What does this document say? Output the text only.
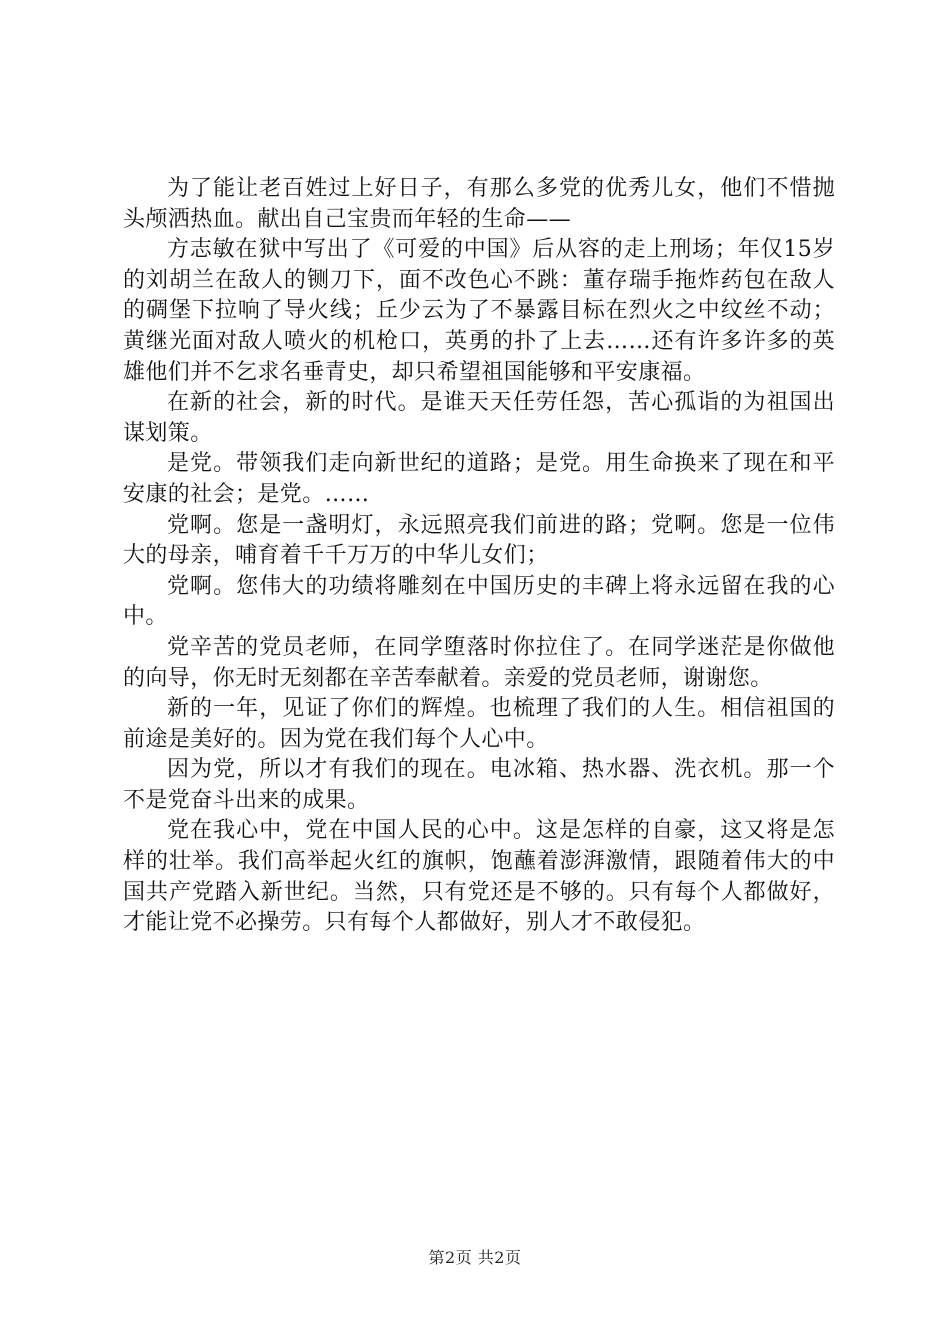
为了能让老百姓过上好日子，有那么多党的优秀儿女，他们不惜抛头颅洒热血。献出自己宝贵而年轻的生命——

方志敏在狱中写出了《可爱的中国》后从容的走上刑场；年仅15岁的刘胡兰在敌人的铡刀下，面不改色心不跳：董存瑞手拖炸药包在敌人的碉堡下拉响了导火线；丘少云为了不暴露目标在烈火之中纹丝不动；黄继光面对敌人喷火的机枪口，英勇的扑了上去……还有许多许多的英雄他们并不乞求名垂青史，却只希望祖国能够和平安康福。

在新的社会，新的时代。是谁天天任劳任怨，苦心孤诣的为祖国出谋划策。

是党。带领我们走向新世纪的道路；是党。用生命换来了现在和平安康的社会；是党。……

党啊。您是一盏明灯，永远照亮我们前进的路；党啊。您是一位伟大的母亲，哺育着千千万万的中华儿女们；

党啊。您伟大的功绩将雕刻在中国历史的丰碑上将永远留在我的心中。

党辛苦的党员老师，在同学堕落时你拉住了。在同学迷茫是你做他的向导，你无时无刻都在辛苦奉献着。亲爱的党员老师，谢谢您。

新的一年，见证了你们的辉煌。也梳理了我们的人生。相信祖国的前途是美好的。因为党在我们每个人心中。

因为党，所以才有我们的现在。电冰箱、热水器、洗衣机。那一个不是党奋斗出来的成果。

党在我心中，党在中国人民的心中。这是怎样的自豪，这又将是怎样的壮举。我们高举起火红的旗帜，饱蘸着澎湃激情，跟随着伟大的中国共产党踏入新世纪。当然，只有党还是不够的。只有每个人都做好，才能让党不必操劳。只有每个人都做好，别人才不敢侵犯。

第2页 共2页
